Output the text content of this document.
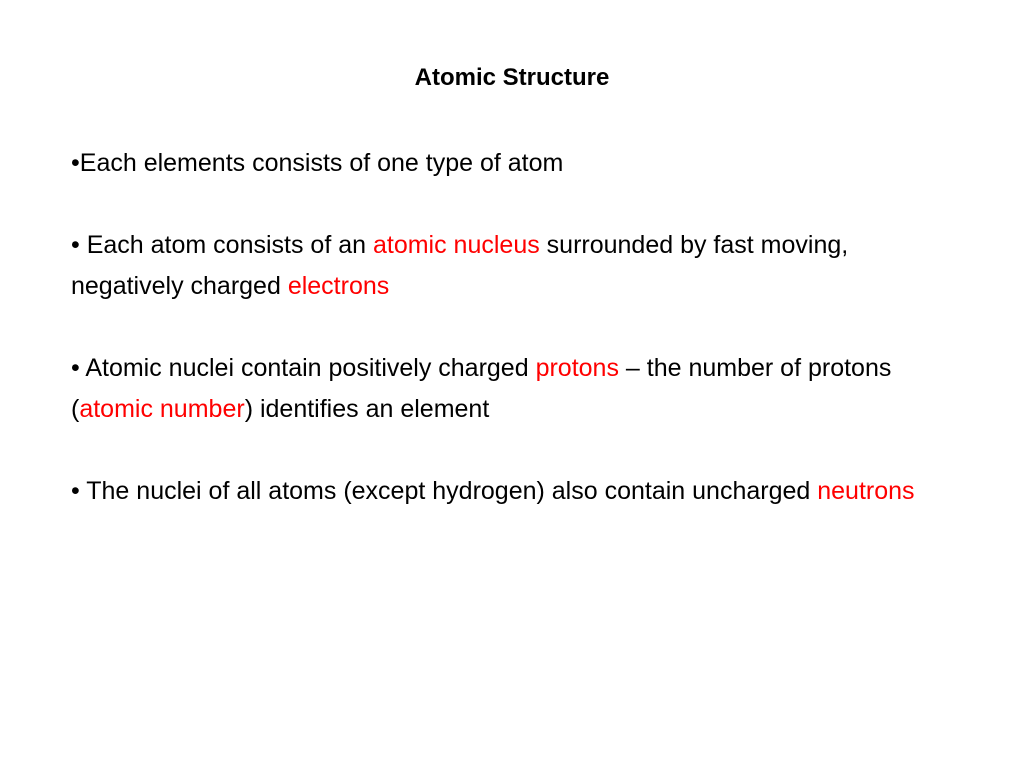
Atomic Structure

•Each elements consists of one type of atom

• Each atom consists of an atomic nucleus surrounded by fast moving, negatively charged electrons

• Atomic nuclei contain positively charged protons – the number of protons (atomic number) identifies an element

• The nuclei of all atoms (except hydrogen) also contain uncharged neutrons
